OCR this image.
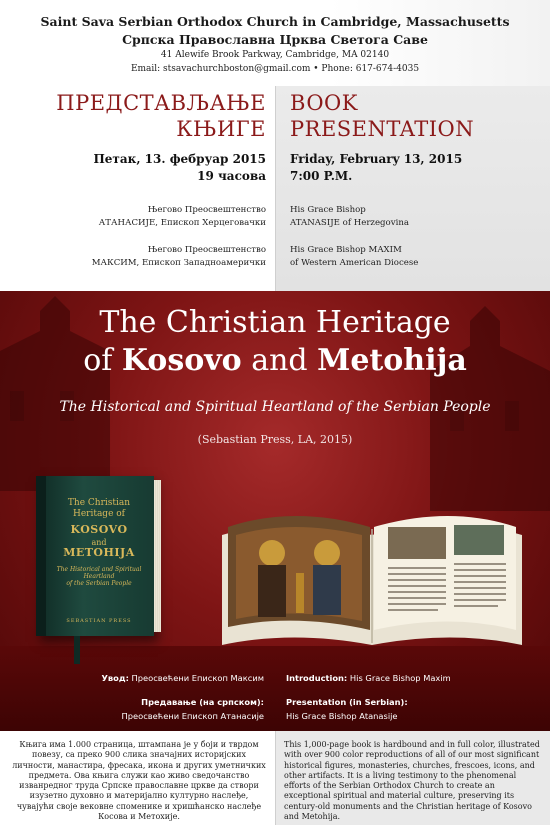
Saint Sava Serbian Orthodox Church in Cambridge, Massachusetts
Српска Православна Црква Светога Саве
41 Alewife Brook Parkway, Cambridge, MA 02140
Email: stsavachurchboston@gmail.com • Phone: 617-674-4035
ПРЕДСТАВЉАЊЕ
КЊИГЕ
Петак, 13. фебруар 2015
19 часова
Његово Преосвештенство
АТАНАСИЈЕ, Епископ Херцеговачки
Његово Преосвештенство
МАКСИМ, Епископ Западноамерички
BOOK
PRESENTATION
Friday, February 13, 2015
7:00 P.M.
His Grace Bishop
ATANASIJE of Herzegovina
His Grace Bishop MAXIM
of Western American Diocese
The Christian Heritage
of Kosovo and Metohija
The Historical and Spiritual Heartland of the Serbian People
(Sebastian Press, LA, 2015)
The Christian
Heritage of
KOSOVO
and
METOHIJA
The Historical and Spiritual Heartland
of the Serbian People
SEBASTIAN PRESS
Увод: Преосвећени Епископ Максим	Introduction: His Grace Bishop Maxim
Предавање (на српском):
Преосвећени Епископ Атанасије
Presentation (in Serbian):
His Grace Bishop Atanasije
Књига има 1.000 страница, штампана је у боји и тврдом повезу, са преко 900 слика значајних историјских личности, манастира, фресака, икона и других уметничких предмета. Ова књига служи као живо сведочанство изванредног труда Српске православне цркве да створи изузетно духовно и материјално културно наслеђе, чувајући своје вековне споменике и хришћанско наслеђе Косова и Метохије.
This 1,000-page book is hardbound and in full color, illustrated with over 900 color reproductions of all of our most significant historical figures, monasteries, churches, frescoes, icons, and other artifacts. It is a living testimony to the phenomenal efforts of the Serbian Orthodox Church to create an exceptional spiritual and material culture, preserving its century-old monuments and the Christian heritage of Kosovo and Metohija.
